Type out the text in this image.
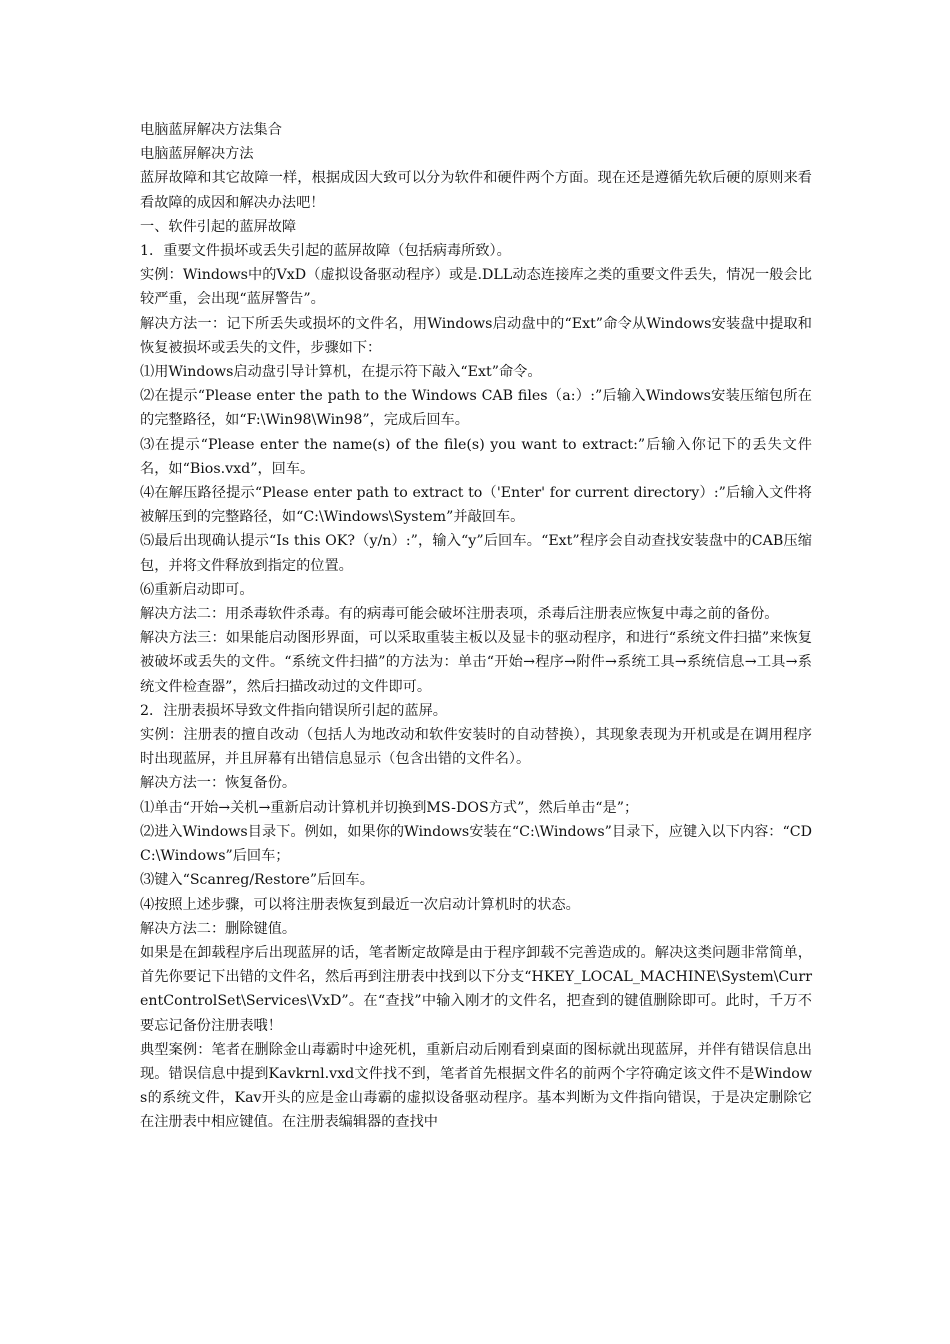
电脑蓝屏解决方法集合

电脑蓝屏解决方法

蓝屏故障和其它故障一样，根据成因大致可以分为软件和硬件两个方面。现在还是遵循先软后硬的原则来看看故障的成因和解决办法吧！

一、软件引起的蓝屏故障

1．重要文件损坏或丢失引起的蓝屏故障（包括病毒所致）。

实例：Windows中的VxD（虚拟设备驱动程序）或是.DLL动态连接库之类的重要文件丢失，情况一般会比较严重，会出现“蓝屏警告”。

解决方法一：记下所丢失或损坏的文件名，用Windows启动盘中的“Ext”命令从Windows安装盘中提取和恢复被损坏或丢失的文件，步骤如下：

⑴用Windows启动盘引导计算机，在提示符下敲入“Ext”命令。

⑵在提示“Please enter the path to the Windows CAB files（a:）:”后输入Windows安装压缩包所在的完整路径，如“F:\Win98\Win98”，完成后回车。

⑶在提示“Please enter the name(s) of the file(s) you want to extract:”后输入你记下的丢失文件名，如“Bios.vxd”，回车。

⑷在解压路径提示“Please enter path to extract to（'Enter' for current directory）:”后输入文件将被解压到的完整路径，如“C:\Windows\System”并敲回车。

⑸最后出现确认提示“Is this OK?（y/n）:”，输入“y”后回车。“Ext”程序会自动查找安装盘中的CAB压缩包，并将文件释放到指定的位置。

⑹重新启动即可。

解决方法二：用杀毒软件杀毒。有的病毒可能会破坏注册表项，杀毒后注册表应恢复中毒之前的备份。

解决方法三：如果能启动图形界面，可以采取重装主板以及显卡的驱动程序，和进行“系统文件扫描”来恢复被破坏或丢失的文件。“系统文件扫描”的方法为：单击“开始→程序→附件→系统工具→系统信息→工具→系统文件检查器”，然后扫描改动过的文件即可。

2．注册表损坏导致文件指向错误所引起的蓝屏。

实例：注册表的擅自改动（包括人为地改动和软件安装时的自动替换），其现象表现为开机或是在调用程序时出现蓝屏，并且屏幕有出错信息显示（包含出错的文件名）。

解决方法一：恢复备份。

⑴单击“开始→关机→重新启动计算机并切换到MS-DOS方式”，然后单击“是”；

⑵进入Windows目录下。例如，如果你的Windows安装在“C:\Windows”目录下，应键入以下内容：“CD C:\Windows”后回车；

⑶键入“Scanreg/Restore”后回车。

⑷按照上述步骤，可以将注册表恢复到最近一次启动计算机时的状态。

解决方法二：删除键值。

如果是在卸载程序后出现蓝屏的话，笔者断定故障是由于程序卸载不完善造成的。解决这类问题非常简单，首先你要记下出错的文件名，然后再到注册表中找到以下分支“HKEY_LOCAL_MACHINE\System\CurrentControlSet\Services\VxD”。在“查找”中输入刚才的文件名，把查到的键值删除即可。此时，千万不要忘记备份注册表哦！

典型案例：笔者在删除金山毒霸时中途死机，重新启动后刚看到桌面的图标就出现蓝屏，并伴有错误信息出现。错误信息中提到Kavkrnl.vxd文件找不到，笔者首先根据文件名的前两个字符确定该文件不是Windows的系统文件，Kav开头的应是金山毒霸的虚拟设备驱动程序。基本判断为文件指向错误，于是决定删除它在注册表中相应键值。在注册表编辑器的查找中
